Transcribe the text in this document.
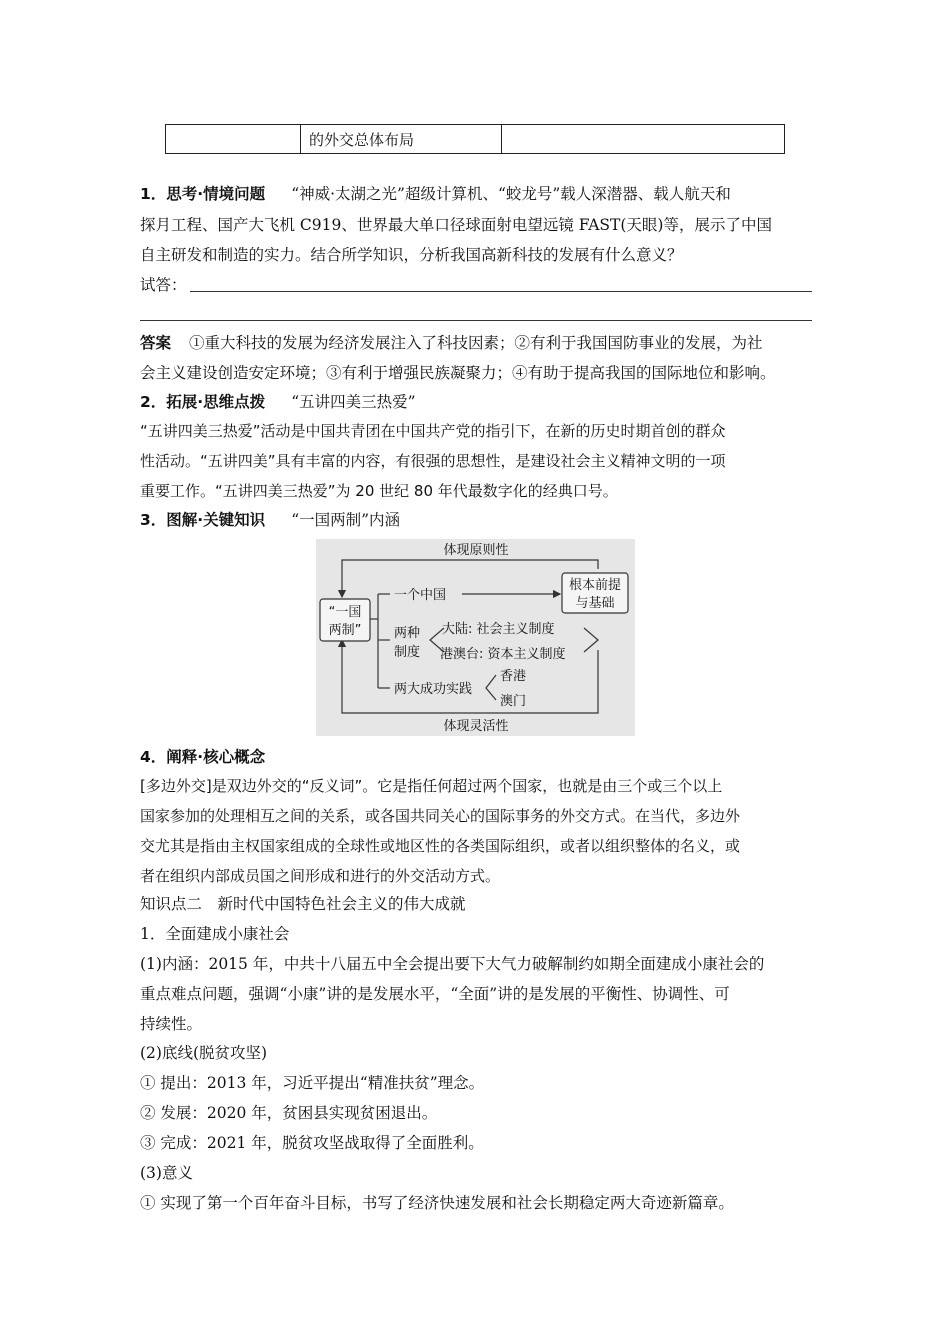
	的外交总体布局	
1．思考·情境问题 “神威·太湖之光”超级计算机、“蛟龙号”载人深潜器、载人航天和
探月工程、国产大飞机 C919、世界最大单口径球面射电望远镜 FAST(天眼)等，展示了中国
自主研发和制造的实力。结合所学知识，分析我国高新科技的发展有什么意义？
试答：
答案 ①重大科技的发展为经济发展注入了科技因素；②有利于我国国防事业的发展，为社
会主义建设创造安定环境；③有利于增强民族凝聚力；④有助于提高我国的国际地位和影响。
2．拓展·思维点拨 “五讲四美三热爱”
“五讲四美三热爱”活动是中国共青团在中国共产党的指引下，在新的历史时期首创的群众
性活动。“五讲四美”具有丰富的内容，有很强的思想性，是建设社会主义精神文明的一项
重要工作。“五讲四美三热爱”为 20 世纪 80 年代最数字化的经典口号。
3．图解·关键知识 “一国两制”内涵
体现原则性
体现灵活性
“一国
两制”
一个中国
根本前提
与基础
两种
制度
大陆: 社会主义制度
港澳台: 资本主义制度
两大成功实践
香港
澳门
4．阐释·核心概念
[多边外交]是双边外交的“反义词”。它是指任何超过两个国家，也就是由三个或三个以上
国家参加的处理相互之间的关系，或各国共同关心的国际事务的外交方式。在当代，多边外
交尤其是指由主权国家组成的全球性或地区性的各类国际组织，或者以组织整体的名义，或
者在组织内部成员国之间形成和进行的外交活动方式。
知识点二　新时代中国特色社会主义的伟大成就
1．全面建成小康社会
(1)内涵：2015 年，中共十八届五中全会提出要下大气力破解制约如期全面建成小康社会的
重点难点问题，强调“小康”讲的是发展水平，“全面”讲的是发展的平衡性、协调性、可
持续性。
(2)底线(脱贫攻坚)
① 提出：2013 年，习近平提出“精准扶贫”理念。
② 发展：2020 年，贫困县实现贫困退出。
③ 完成：2021 年，脱贫攻坚战取得了全面胜利。
(3)意义
① 实现了第一个百年奋斗目标，书写了经济快速发展和社会长期稳定两大奇迹新篇章。
